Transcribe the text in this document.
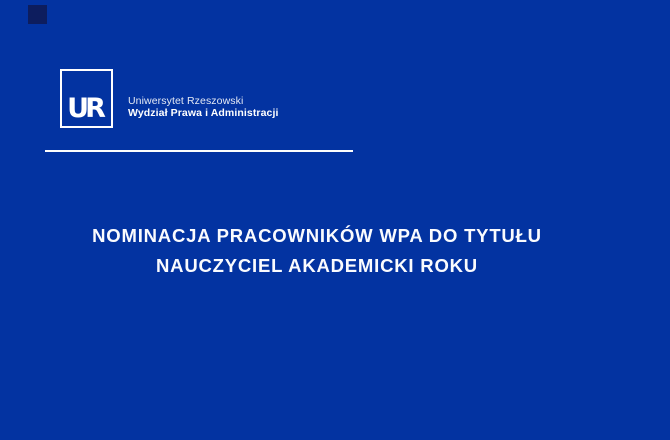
UR	Uniwersytet Rzeszowski
Wydział Prawa i Administracji
NOMINACJA PRACOWNIKÓW WPA DO TYTUŁU
NAUCZYCIEL AKADEMICKI ROKU
